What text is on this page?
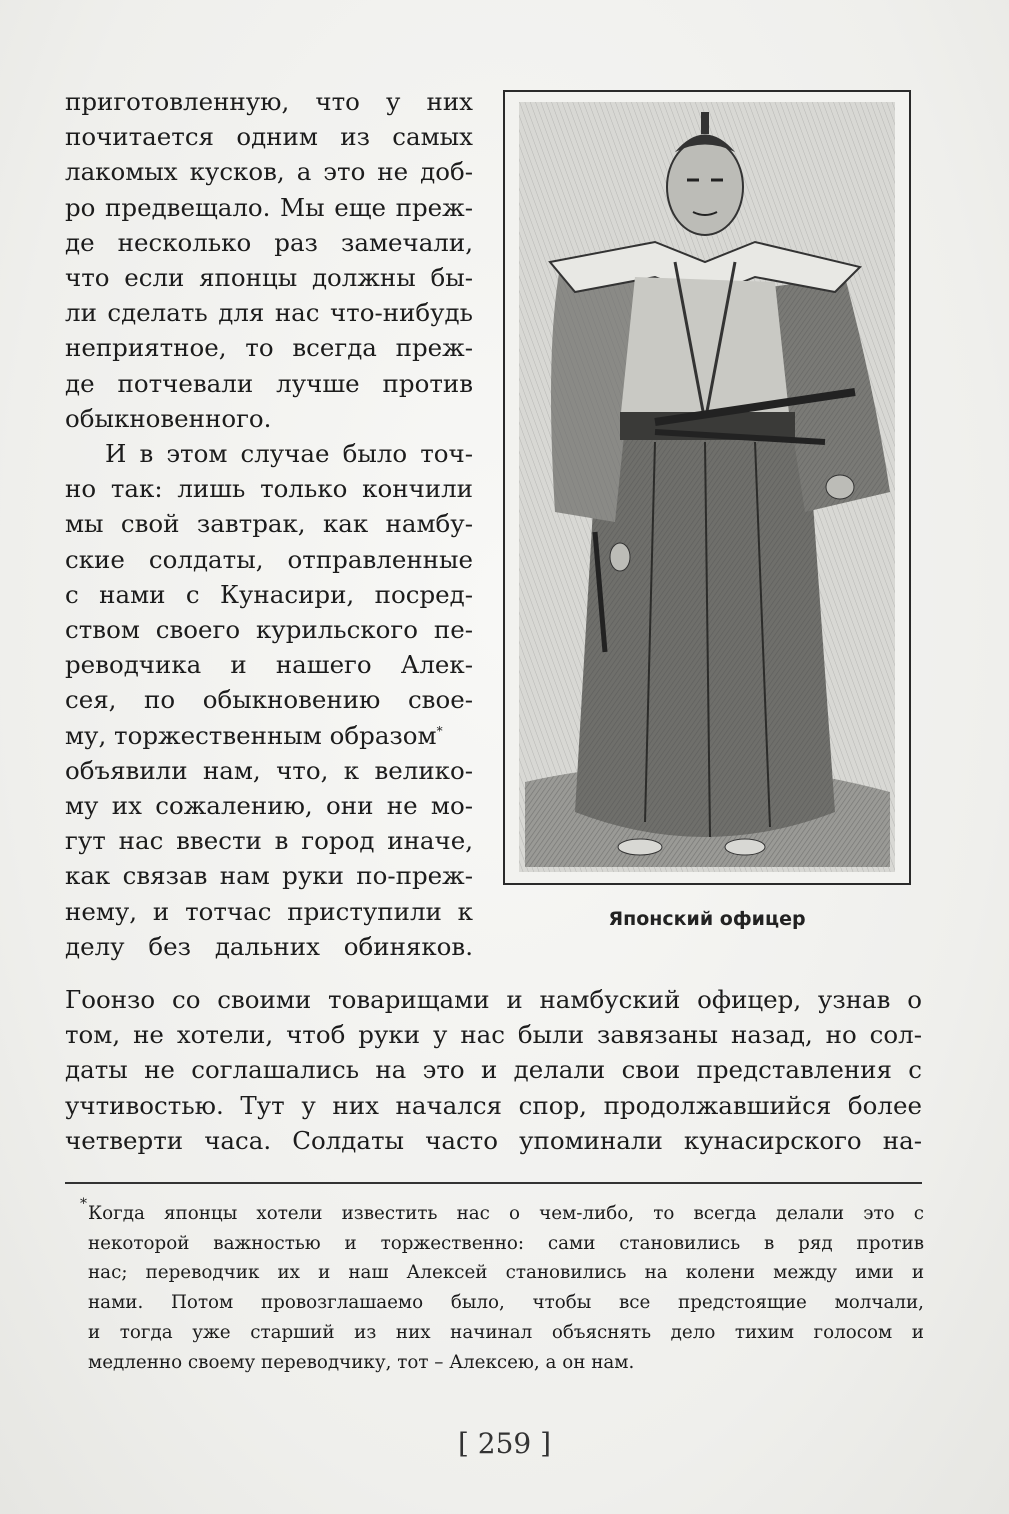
приготовленную, что у них
почитается одним из самых
лакомых кусков, а это не доб-
ро предвещало. Мы еще преж-
де несколько раз замечали,
что если японцы должны бы-
ли сделать для нас что-нибудь
неприятное, то всегда преж-
де потчевали лучше против
обыкновенного.
И в этом случае было точ-
но так: лишь только кончили
мы свой завтрак, как намбу-
ские солдаты, отправленные
с нами с Кунасири, посред-
ством своего курильского пе-
реводчика и нашего Алек-
сея, по обыкновению свое-
му, торжественным образом*
объявили нам, что, к велико-
му их сожалению, они не мо-
гут нас ввести в город иначе,
как связав нам руки по-преж-
нему, и тотчас приступили к
делу без дальних обиняков.
Японский офицер
Гоонзо со своими товарищами и намбуский офицер, узнав о
том, не хотели, чтоб руки у нас были завязаны назад, но сол-
даты не соглашались на это и делали свои представления с
учтивостью. Тут у них начался спор, продолжавшийся более
четверти часа. Солдаты часто упоминали кунасирского на-
* Когда японцы хотели известить нас о чем-либо, то всегда делали это с
некоторой важностью и торжественно: сами становились в ряд против
нас; переводчик их и наш Алексей становились на колени между ими и
нами. Потом провозглашаемо было, чтобы все предстоящие молчали,
и тогда уже старший из них начинал объяснять дело тихим голосом и
медленно своему переводчику, тот – Алексею, а он нам.
[ 259 ]
